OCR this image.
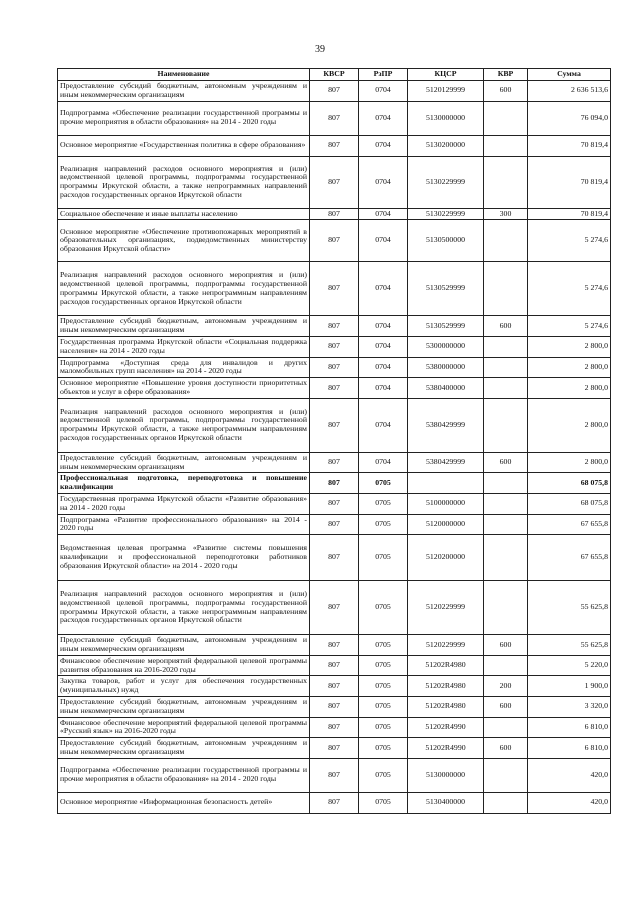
39
Наименование	КВСР	РзПР	КЦСР	КВР	Сумма
Предоставление субсидий бюджетным, автономным учреждениям и иным некоммерческим организациям	807	0704	5120129999	600	2 636 513,6
Подпрограмма «Обеспечение реализации государственной программы и прочие мероприятия в области образования» на 2014 - 2020 годы	807	0704	5130000000		76 094,0
Основное мероприятие «Государственная политика в сфере образования»	807	0704	5130200000		70 819,4
Реализация направлений расходов основного мероприятия и (или) ведомственной целевой программы, подпрограммы государственной программы Иркутской области, а также непрограммных направлений расходов государственных органов Иркутской области	807	0704	5130229999		70 819,4
Социальное обеспечение и иные выплаты населению	807	0704	5130229999	300	70 819,4
Основное мероприятие «Обеспечение противопожарных мероприятий в образовательных организациях, подведомственных министерству образования Иркутской области»	807	0704	5130500000		5 274,6
Реализация направлений расходов основного мероприятия и (или) ведомственной целевой программы, подпрограммы государственной программы Иркутской области, а также непрограммным направлениям расходов государственных органов Иркутской области	807	0704	5130529999		5 274,6
Предоставление субсидий бюджетным, автономным учреждениям и иным некоммерческим организациям	807	0704	5130529999	600	5 274,6
Государственная программа Иркутской области «Социальная поддержка населения» на 2014 - 2020 годы	807	0704	5300000000		2 800,0
Подпрограмма «Доступная среда для инвалидов и других маломобильных групп населения» на 2014 - 2020 годы	807	0704	5380000000		2 800,0
Основное мероприятие «Повышение уровня доступности приоритетных объектов и услуг в сфере образования»	807	0704	5380400000		2 800,0
Реализация направлений расходов основного мероприятия и (или) ведомственной целевой программы, подпрограммы государственной программы Иркутской области, а также непрограммным направлениям расходов государственных органов Иркутской области	807	0704	5380429999		2 800,0
Предоставление субсидий бюджетным, автономным учреждениям и иным некоммерческим организациям	807	0704	5380429999	600	2 800,0
Профессиональная подготовка, переподготовка и повышение квалификации	807	0705			68 075,8
Государственная программа Иркутской области «Развитие образования» на 2014 - 2020 годы	807	0705	5100000000		68 075,8
Подпрограмма «Развитие профессионального образования» на 2014 - 2020 годы	807	0705	5120000000		67 655,8
Ведомственная целевая программа «Развитие системы повышения квалификации и профессиональной переподготовки работников образования Иркутской области» на 2014 - 2020 годы	807	0705	5120200000		67 655,8
Реализация направлений расходов основного мероприятия и (или) ведомственной целевой программы, подпрограммы государственной программы Иркутской области, а также непрограммным направлениям расходов государственных органов Иркутской области	807	0705	5120229999		55 625,8
Предоставление субсидий бюджетным, автономным учреждениям и иным некоммерческим организациям	807	0705	5120229999	600	55 625,8
Финансовое обеспечение мероприятий федеральной целевой программы развития образования на 2016-2020 годы	807	0705	51202R4980		5 220,0
Закупка товаров, работ и услуг для обеспечения государственных (муниципальных) нужд	807	0705	51202R4980	200	1 900,0
Предоставление субсидий бюджетным, автономным учреждениям и иным некоммерческим организациям	807	0705	51202R4980	600	3 320,0
Финансовое обеспечение мероприятий федеральной целевой программы «Русский язык» на 2016-2020 годы	807	0705	51202R4990		6 810,0
Предоставление субсидий бюджетным, автономным учреждениям и иным некоммерческим организациям	807	0705	51202R4990	600	6 810,0
Подпрограмма «Обеспечение реализации государственной программы и прочие мероприятия в области образования» на 2014 - 2020 годы	807	0705	5130000000		420,0
Основное мероприятие «Информационная безопасность детей»	807	0705	5130400000		420,0
